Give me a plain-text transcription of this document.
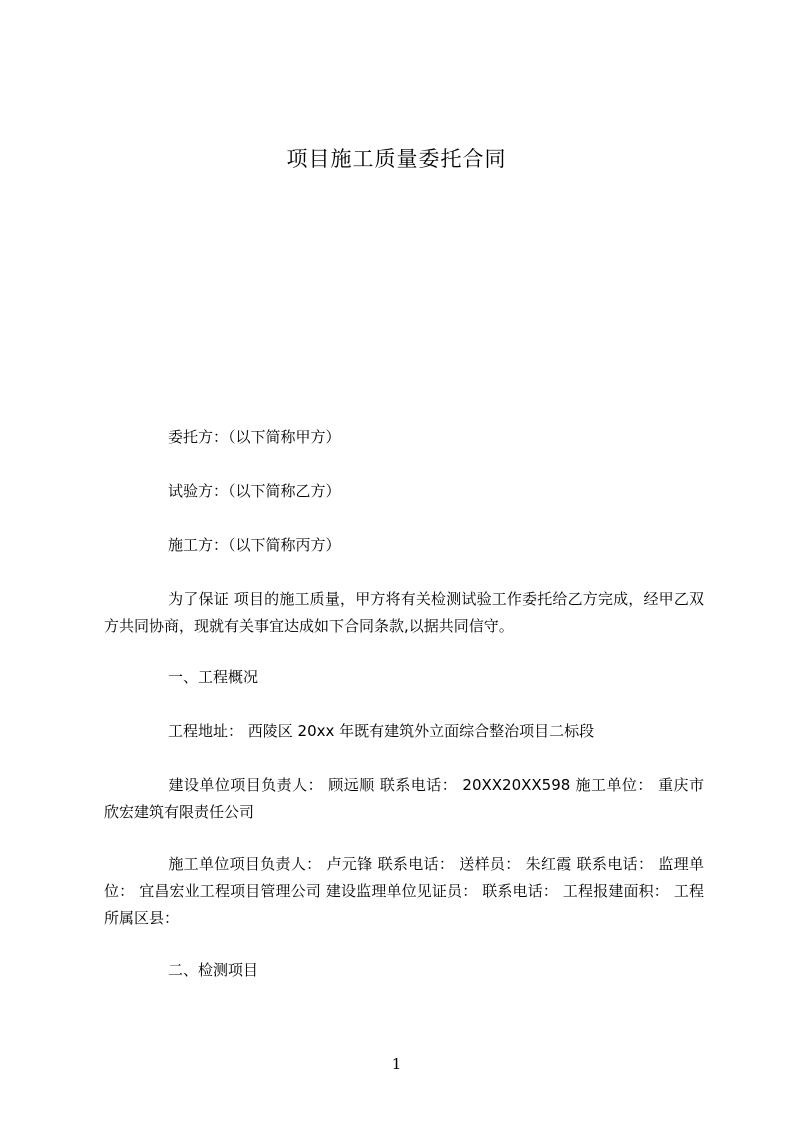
项目施工质量委托合同
委托方：（以下简称甲方）
试验方：（以下简称乙方）
施工方：（以下简称丙方）
为了保证 项目的施工质量，甲方将有关检测试验工作委托给乙方完成，经甲乙双方共同协商，现就有关事宜达成如下合同条款,以据共同信守。
一、工程概况
工程地址： 西陵区 20xx 年既有建筑外立面综合整治项目二标段
建设单位项目负责人： 顾远顺 联系电话： 20XX20XX598 施工单位： 重庆市欣宏建筑有限责任公司
施工单位项目负责人： 卢元锋 联系电话： 送样员： 朱红霞 联系电话： 监理单位： 宜昌宏业工程项目管理公司 建设监理单位见证员： 联系电话： 工程报建面积： 工程所属区县：
二、检测项目
1
